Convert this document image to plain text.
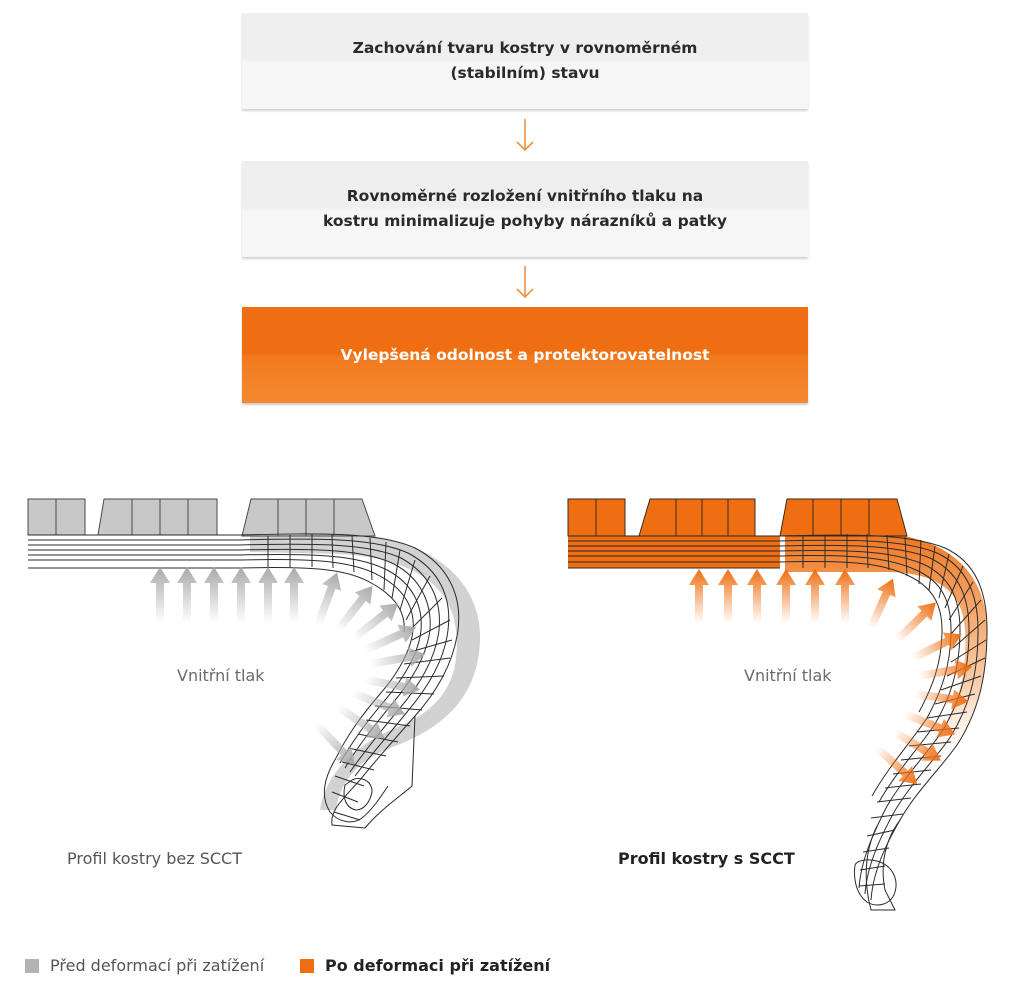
Zachování tvaru kostry v rovnoměrném
(stabilním) stavu
Rovnoměrné rozložení vnitřního tlaku na
kostru minimalizuje pohyby nárazníků a patky
Vylepšená odolnost a protektorovatelnost
Vnitřní tlak	Vnitřní tlak
Profil kostry bez SCCT	Profil kostry s SCCT
Před deformací při zatížení	Po deformaci při zatížení
